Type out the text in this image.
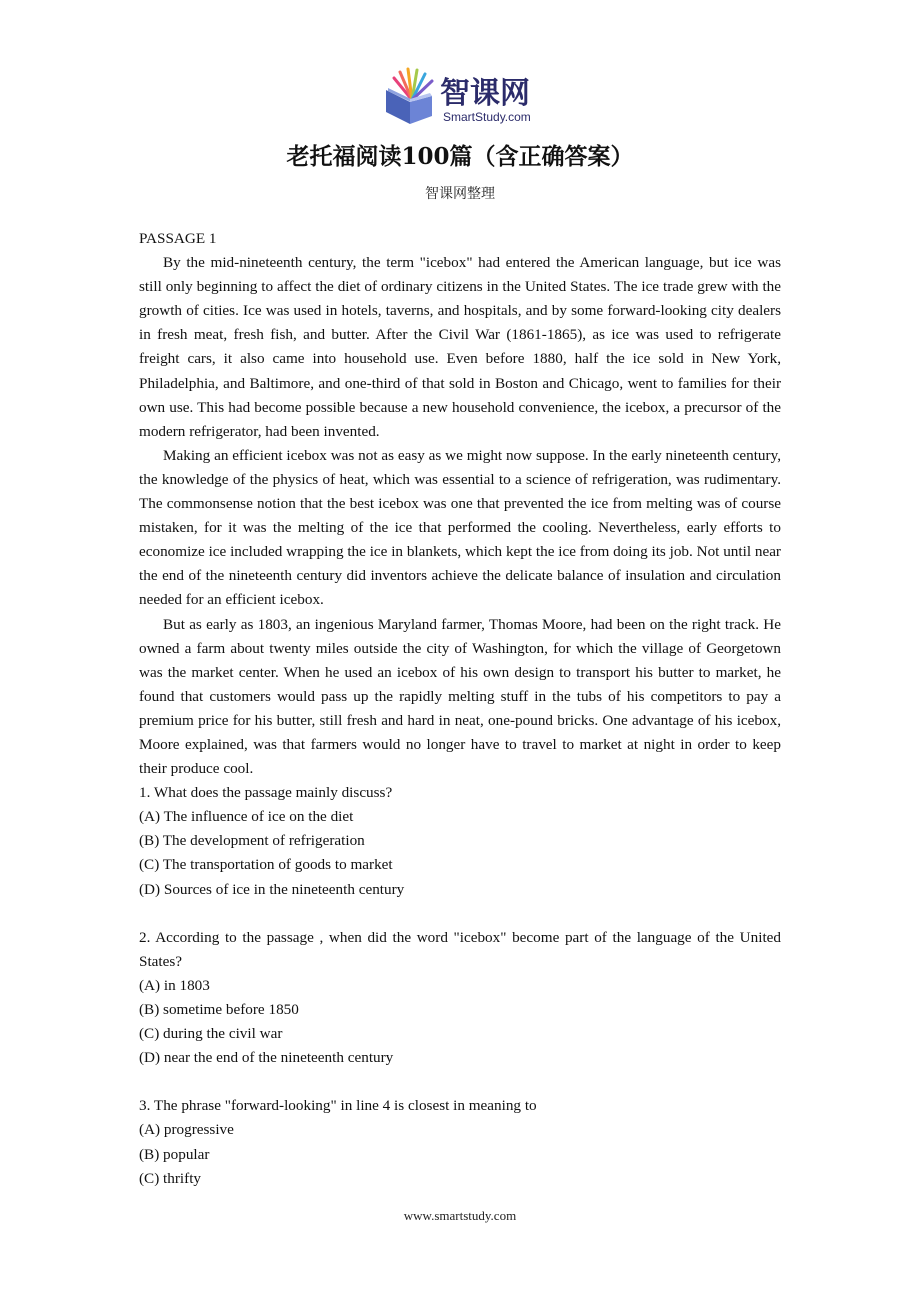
智课网
SmartStudy.com
老托福阅读100篇（含正确答案）
智课网整理

PASSAGE 1

By the mid-nineteenth century, the term "icebox" had entered the American language, but ice was still only beginning to affect the diet of ordinary citizens in the United States. The ice trade grew with the growth of cities. Ice was used in hotels, taverns, and hospitals, and by some forward-looking city dealers in fresh meat, fresh fish, and butter. After the Civil War (1861-1865), as ice was used to refrigerate freight cars, it also came into household use. Even before 1880, half the ice sold in New York, Philadelphia, and Baltimore, and one-third of that sold in Boston and Chicago, went to families for their own use. This had become possible because a new household convenience, the icebox, a precursor of the modern refrigerator, had been invented.

Making an efficient icebox was not as easy as we might now suppose. In the early nineteenth century, the knowledge of the physics of heat, which was essential to a science of refrigeration, was rudimentary. The commonsense notion that the best icebox was one that prevented the ice from melting was of course mistaken, for it was the melting of the ice that performed the cooling. Nevertheless, early efforts to economize ice included wrapping the ice in blankets, which kept the ice from doing its job. Not until near the end of the nineteenth century did inventors achieve the delicate balance of insulation and circulation needed for an efficient icebox.

But as early as 1803, an ingenious Maryland farmer, Thomas Moore, had been on the right track. He owned a farm about twenty miles outside the city of Washington, for which the village of Georgetown was the market center. When he used an icebox of his own design to transport his butter to market, he found that customers would pass up the rapidly melting stuff in the tubs of his competitors to pay a premium price for his butter, still fresh and hard in neat, one-pound bricks. One advantage of his icebox, Moore explained, was that farmers would no longer have to travel to market at night in order to keep their produce cool.

1. What does the passage mainly discuss?

(A) The influence of ice on the diet

(B) The development of refrigeration

(C) The transportation of goods to market

(D) Sources of ice in the nineteenth century

2. According to the passage , when did the word "icebox" become part of the language of the United States?

(A) in 1803

(B) sometime before 1850

(C) during the civil war

(D) near the end of the nineteenth century

3. The phrase "forward-looking" in line 4 is closest in meaning to

(A) progressive

(B) popular

(C) thrifty

www.smartstudy.com
